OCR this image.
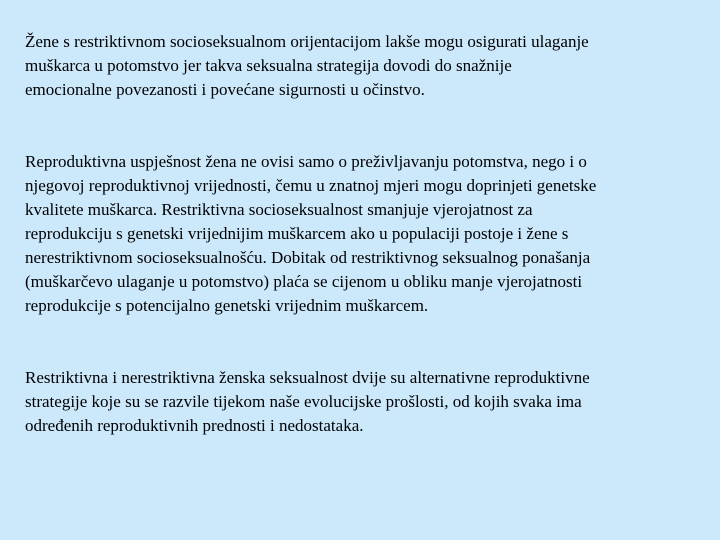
Žene s restriktivnom socioseksualnom orijentacijom lakše mogu osigurati ulaganje
muškarca u potomstvo jer takva seksualna strategija dovodi do snažnije
emocionalne povezanosti i povećane sigurnosti u očinstvo.

Reproduktivna uspješnost žena ne ovisi samo o preživljavanju potomstva, nego i o
njegovoj reproduktivnoj vrijednosti, čemu u znatnoj mjeri mogu doprinjeti genetske
kvalitete muškarca. Restriktivna socioseksualnost smanjuje vjerojatnost za
reprodukciju s genetski vrijednijim muškarcem ako u populaciji postoje i žene s
nerestriktivnom socioseksualnošću. Dobitak od restriktivnog seksualnog ponašanja
(muškarčevo ulaganje u potomstvo) plaća se cijenom u obliku manje vjerojatnosti
reprodukcije s potencijalno genetski vrijednim muškarcem.

Restriktivna i nerestriktivna ženska seksualnost dvije su alternativne reproduktivne
strategije koje su se razvile tijekom naše evolucijske prošlosti, od kojih svaka ima
određenih reproduktivnih prednosti i nedostataka.
